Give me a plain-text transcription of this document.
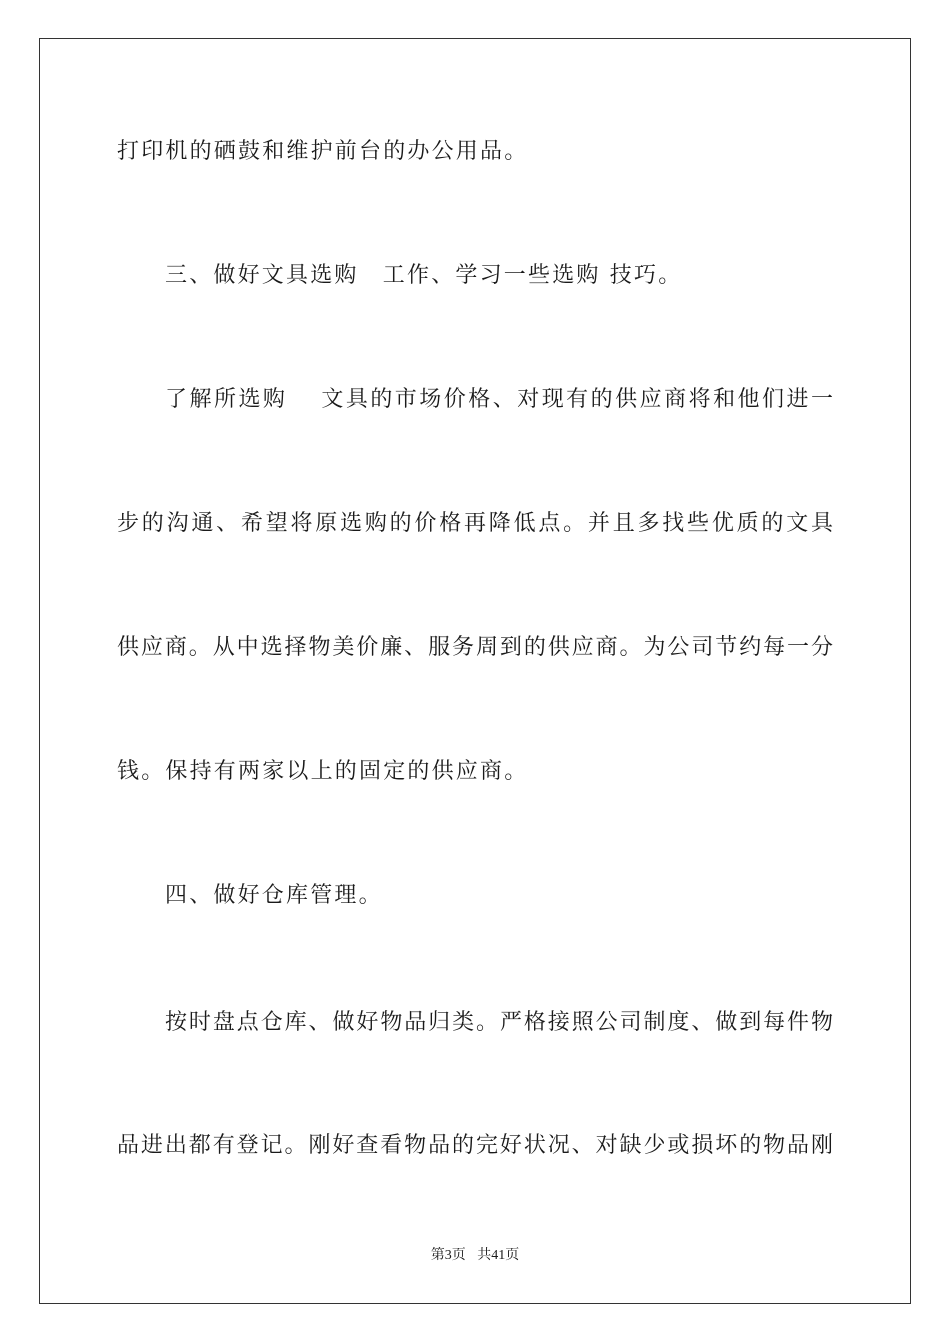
打印机的硒鼓和维护前台的办公用品。
三、做好文具选购　工作、学习一些选购 技巧。
了解所选购　 文具的市场价格、对现有的供应商将和他们进一
步的沟通、希望将原选购的价格再降低点。并且多找些优质的文具
供应商。从中选择物美价廉、服务周到的供应商。为公司节约每一分
钱。保持有两家以上的固定的供应商。
四、做好仓库管理。
按时盘点仓库、做好物品归类。严格接照公司制度、做到每件物
品进出都有登记。刚好查看物品的完好状况、对缺少或损坏的物品刚
第3页 共41页
